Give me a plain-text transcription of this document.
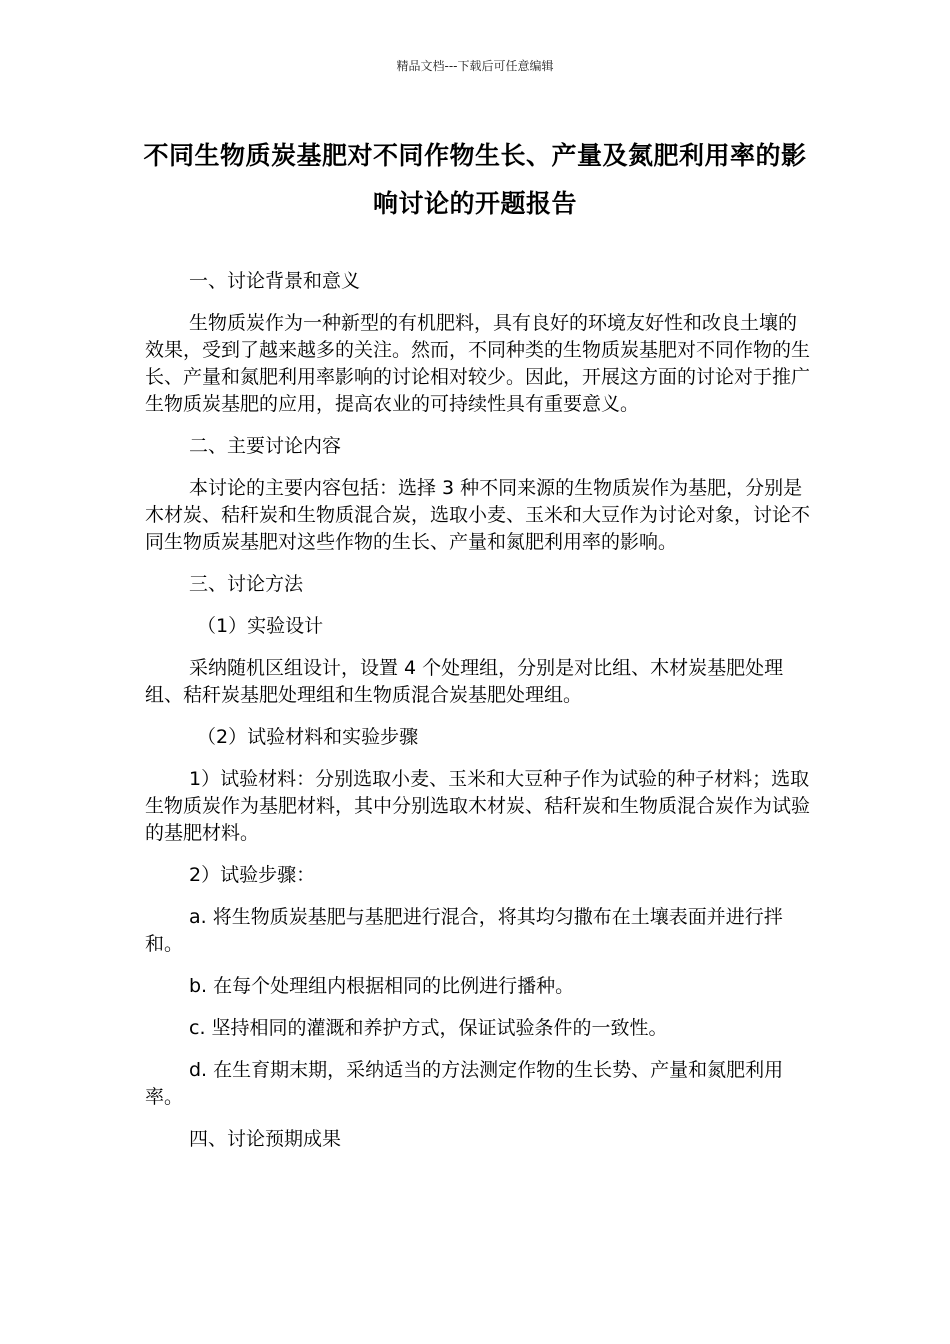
精品文档---下载后可任意编辑
不同生物质炭基肥对不同作物生长、产量及氮肥利用率的影响讨论的开题报告

一、讨论背景和意义

生物质炭作为一种新型的有机肥料，具有良好的环境友好性和改良土壤的效果，受到了越来越多的关注。然而，不同种类的生物质炭基肥对不同作物的生长、产量和氮肥利用率影响的讨论相对较少。因此，开展这方面的讨论对于推广生物质炭基肥的应用，提高农业的可持续性具有重要意义。

二、主要讨论内容

本讨论的主要内容包括：选择 3 种不同来源的生物质炭作为基肥，分别是木材炭、秸秆炭和生物质混合炭，选取小麦、玉米和大豆作为讨论对象，讨论不同生物质炭基肥对这些作物的生长、产量和氮肥利用率的影响。

三、讨论方法

（1）实验设计

采纳随机区组设计，设置 4 个处理组，分别是对比组、木材炭基肥处理组、秸秆炭基肥处理组和生物质混合炭基肥处理组。

（2）试验材料和实验步骤

1）试验材料：分别选取小麦、玉米和大豆种子作为试验的种子材料；选取生物质炭作为基肥材料，其中分别选取木材炭、秸秆炭和生物质混合炭作为试验的基肥材料。

2）试验步骤：

a. 将生物质炭基肥与基肥进行混合，将其均匀撒布在土壤表面并进行拌和。

b. 在每个处理组内根据相同的比例进行播种。

c. 坚持相同的灌溉和养护方式，保证试验条件的一致性。

d. 在生育期末期，采纳适当的方法测定作物的生长势、产量和氮肥利用率。

四、讨论预期成果
